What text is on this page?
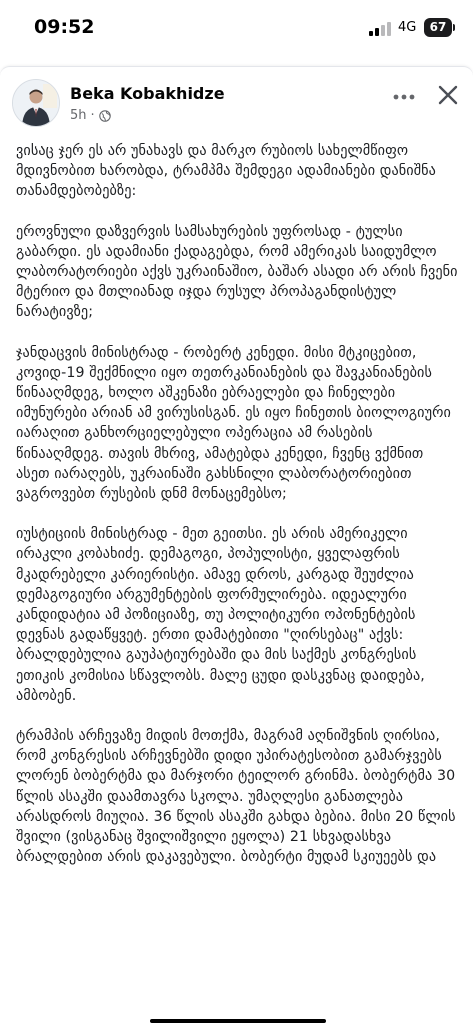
09:52	4G	67
Beka Kobakhidze
5h ·

ვისაც ჯერ ეს არ უნახავს და მარკო რუბიოს სახელმწიფო მდივნობით ხარობდა, ტრამპმა შემდეგი ადამიანები დანიშნა თანამდებობებზე:

ეროვნული დაზვერვის სამსახურების უფროსად - ტულსი გაბარდი. ეს ადამიანი ქადაგებდა, რომ ამერიკას საიდუმლო ლაბორატორიები აქვს უკრაინაშიო, ბაშარ ასადი არ არის ჩვენი მტერიო და მთლიანად იჯდა რუსულ პროპაგანდისტულ ნარატივზე;

ჯანდაცვის მინისტრად - რობერტ კენედი. მისი მტკიცებით, კოვიდ-19 შექმნილი იყო თეთრკანიანების და შავკანიანების წინააღმდეგ, ხოლო აშკენაზი ებრაელები და ჩინელები იმუნურები არიან ამ ვირუსისგან. ეს იყო ჩინეთის ბიოლოგიური იარაღით განხორციელებული ოპერაცია ამ რასების წინააღმდეგ. თავის მხრივ, ამატებდა კენედი, ჩვენც ვქმნით ასეთ იარაღებს, უკრაინაში გახსნილი ლაბორატორიებით ვაგროვებთ რუსების დნმ მონაცემებსო;

იუსტიციის მინისტრად - მეთ გეითსი. ეს არის ამერიკელი ირაკლი კობახიძე. დემაგოგი, პოპულისტი, ყველაფრის მკადრებელი კარიერისტი. ამავე დროს, კარგად შეუძლია დემაგოგიური არგუმენტების ფორმულირება. იდეალური კანდიდატია ამ პოზიციაზე, თუ პოლიტიკური ოპონენტების დევნას გადაწყვეტ. ერთი დამატებითი "ღირსებაც" აქვს: ბრალდებულია გაუპატიურებაში და მის საქმეს კონგრესის ეთიკის კომისია სწავლობს. მალე ცუდი დასკვნაც დაიდება, ამბობენ.

ტრამპის არჩევაზე მიდის მოთქმა, მაგრამ აღნიშვნის ღირსია, რომ კონგრესის არჩევნებში დიდი უპირატესობით გამარჯვებს ლორენ ბობერტმა და მარჯორი ტეილორ გრინმა. ბობერტმა 30 წლის ასაკში დაამთავრა სკოლა. უმაღლესი განათლება არასდროს მიუღია. 36 წლის ასაკში გახდა ბებია. მისი 20 წლის შვილი (ვისგანაც შვილიშვილი ეყოლა) 21 სხვადასხვა ბრალდებით არის დაკავებული. ბობერტი მუდამ სკიუეებს და
